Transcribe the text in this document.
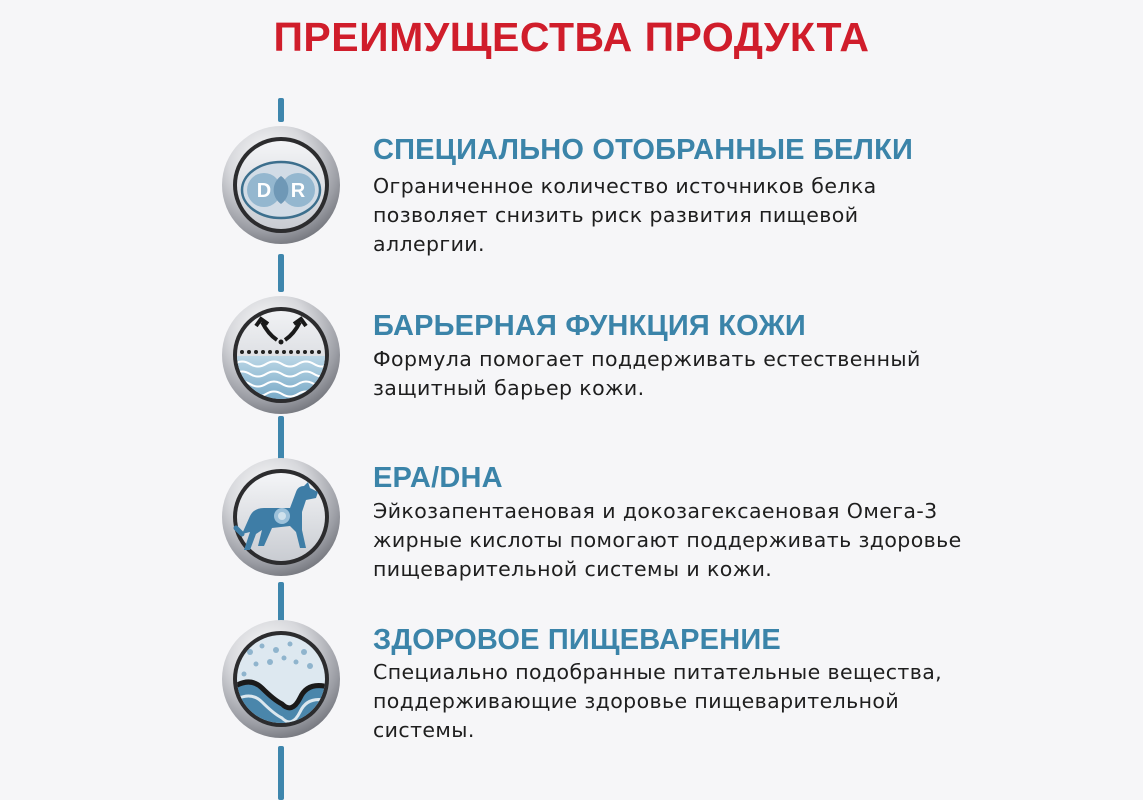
ПРЕИМУЩЕСТВА ПРОДУКТА
D R
СПЕЦИАЛЬНО ОТОБРАННЫЕ БЕЛКИ
Ограниченное количество источников белка позволяет снизить риск развития пищевой аллергии.
БАРЬЕРНАЯ ФУНКЦИЯ КОЖИ
Формула помогает поддерживать естественный защитный барьер кожи.
EPA/DHA
Эйкозапентаеновая и докозагексаеновая Омега-3 жирные кислоты помогают поддерживать здоровье пищеварительной системы и кожи.
ЗДОРОВОЕ ПИЩЕВАРЕНИЕ
Специально подобранные питательные вещества, поддерживающие здоровье пищеварительной системы.
